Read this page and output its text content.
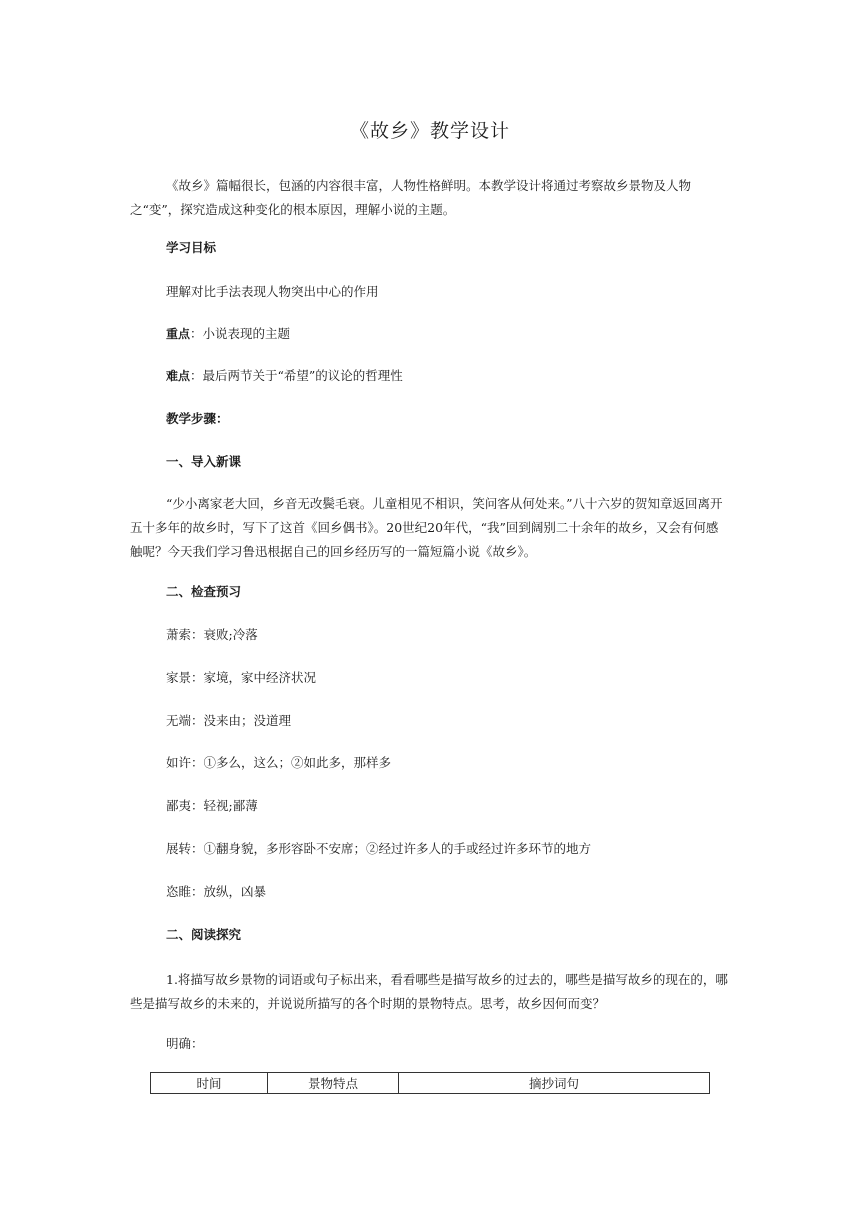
《故乡》教学设计

《故乡》篇幅很长，包涵的内容很丰富，人物性格鲜明。本教学设计将通过考察故乡景物及人物之“变”，探究造成这种变化的根本原因，理解小说的主题。

学习目标
理解对比手法表现人物突出中心的作用
重点：小说表现的主题
难点：最后两节关于“希望”的议论的哲理性
教学步骤：
一、导入新课

“少小离家老大回，乡音无改鬓毛衰。儿童相见不相识，笑问客从何处来。”八十六岁的贺知章返回离开五十多年的故乡时，写下了这首《回乡偶书》。20世纪20年代，“我”回到阔别二十余年的故乡，又会有何感触呢？今天我们学习鲁迅根据自己的回乡经历写的一篇短篇小说《故乡》。

二、检查预习
萧索：衰败;冷落
家景：家境，家中经济状况
无端：没来由；没道理
如许：①多么，这么；②如此多，那样多
鄙夷：轻视;鄙薄
展转：①翻身貌，多形容卧不安席；②经过许多人的手或经过许多环节的地方
恣睢：放纵，凶暴
二、阅读探究

1.将描写故乡景物的词语或句子标出来，看看哪些是描写故乡的过去的，哪些是描写故乡的现在的，哪些是描写故乡的未来的，并说说所描写的各个时期的景物特点。思考，故乡因何而变？

明确：
时间	景物特点	摘抄词句
